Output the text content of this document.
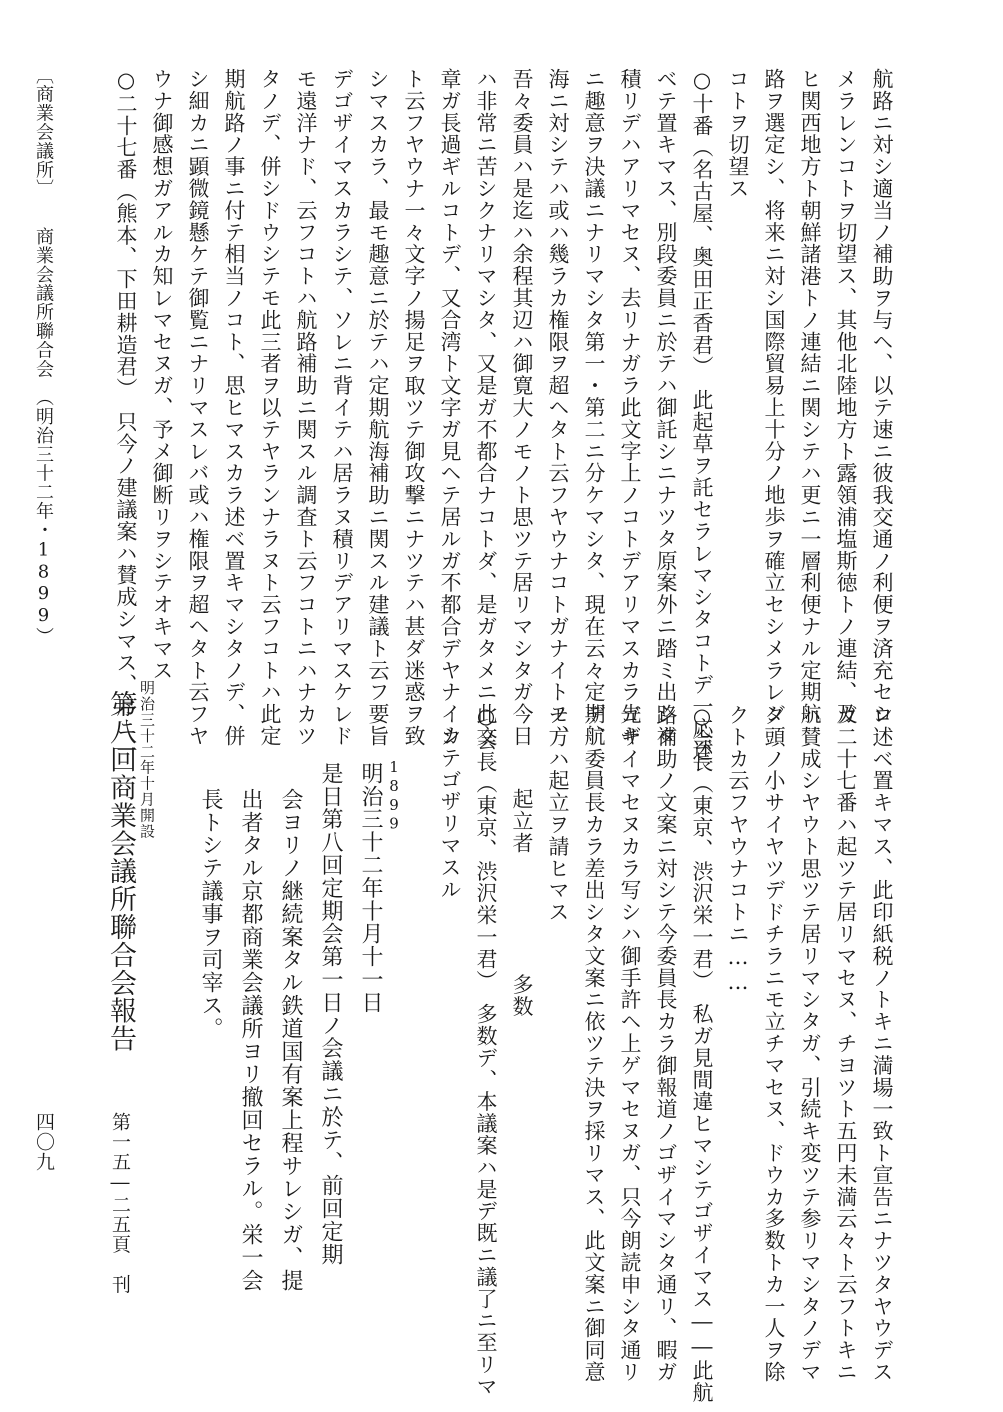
〔商業会議所〕　　商業会議所聯合会　（明治三十二年・1899）	航路ニ対シ適当ノ補助ヲ与ヘ、以テ速ニ彼我交通ノ利便ヲ済充セシ
メラレンコトヲ切望ス、其他北陸地方ト露領浦塩斯徳トノ連結、及
ヒ関西地方ト朝鮮諸港トノ連結ニ関シテハ更ニ一層利便ナル定期航
路ヲ選定シ、将来ニ対シ国際貿易上十分ノ地歩ヲ確立セシメラレン
コトヲ切望ス
○十番（名古屋、奥田正香君）　此起草ヲ託セラレマシタコトデ一応述
ベテ置キマス、別段委員ニ於テハ御託シニナツタ原案外ニ踏ミ出シタ
積リデハアリマセヌ、去リナガラ此文字上ノコトデアリマスカラ先キ
ニ趣意ヲ決議ニナリマシタ第一・第二ニ分ケマシタ、現在云々定期航
海ニ対シテハ或ハ幾ラカ権限ヲ超ヘタト云フヤウナコトガナイトモ、
吾々委員ハ是迄ハ余程其辺ハ御寛大ノモノト思ツテ居リマシタガ今日
ハ非常ニ苦シクナリマシタ、又是ガ不都合ナコトダ、是ガタメニ此文
章ガ長過ギルコトデ、又合湾ト文字ガ見ヘテ居ルガ不都合デヤナイカ
ト云フヤウナ一々文字ノ揚足ヲ取ツテ御攻撃ニナツテハ甚ダ迷惑ヲ致
シマスカラ、最モ趣意ニ於テハ定期航海補助ニ関スル建議ト云フ要旨
デゴザイマスカラシテ、ソレニ背イテハ居ラヌ積リデアリマスケレド
モ遠洋ナド、云フコトハ航路補助ニ関スル調査ト云フコトニハナカツ
タノデ、併シドウシテモ此三者ヲ以テヤランナラヌト云フコトハ此定
期航路ノ事ニ付テ相当ノコト、思ヒマスカラ述ベ置キマシタノデ、併
シ細カニ顕微鏡懸ケテ御覧ニナリマスレバ或ハ権限ヲ超ヘタト云フヤ
ウナ御感想ガアルカ知レマセヌガ、予メ御断リヲシテオキマス
○二十七番（熊本、下田耕造君）　只今ノ建議案ハ賛成シマス、序ニ一
ロ述ベ置キマス、此印紙税ノトキニ満場一致ト宣告ニナツタヤウデス
ガ二十七番ハ起ツテ居リマセヌ、チヨツト五円未満云々ト云フトキニ
ハ賛成シヤウト思ツテ居リマシタガ、引続キ変ツテ参リマシタノデマ
ダ頭ノ小サイヤツデドチラニモ立チマセヌ、ドウカ多数トカ一人ヲ除
クトカ云フヤウナコトニ……
○会長（東京、渋沢栄一君）　私ガ見間違ヒマシテゴザイマス――此航
路補助ノ文案ニ対シテ今委員長カラ御報道ノゴザイマシタ通リ、暇ガ
ゴザイマセヌカラ写シハ御手許ヘ上ゲマセヌガ、只今朗読申シタ通リ
デ、委員長カラ差出シタ文案ニ依ツテ決ヲ採リマス、此文案ニ御同意
ノ方ハ起立ヲ請ヒマス
起立者多数
○会長（東京、渋沢栄一君）　多数デ、本議案ハ是デ既ニ議了ニ至リマ
シテゴザリマスル
1899
明治三十二年十月十一日
是日第八回定期会第一日ノ会議ニ於テ、前回定期
会ヨリノ継続案タル鉄道国有案上程サレシガ、提
出者タル京都商業会議所ヨリ撤回セラル。栄一会
長トシテ議事ヲ司宰ス。
明治三十二年十月開設
第八回商業会議所聯合会報告
第一五―二五頁　刊
四〇九
